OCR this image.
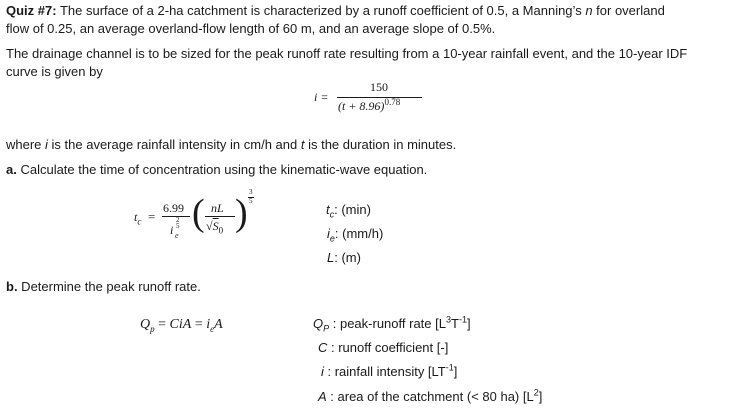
Quiz #7: The surface of a 2-ha catchment is characterized by a runoff coefficient of 0.5, a Manning’s n for overland
flow of 0.25, an average overland-flow length of 60 m, and an average slope of 0.5%.
The drainage channel is to be sized for the peak runoff rate resulting from a 10-year rainfall event, and the 10-year IDF
curve is given by
i =
150
$(t + 8.96)^{0.78}$
where i is the average rainfall intensity in cm/h and t is the duration in minutes.
a. Calculate the time of concentration using the kinematic-wave equation.
$t_c$ =
6.99
i
2
5
e
( nL
$√S_0$ ) 3
5
$t_c$: (min)
$i_e$: (mm/h)
L: (m)
b. Determine the peak runoff rate.
$Q_p$ = CiA = $i_eA$	$Q_P$ : peak-runoff rate $[L^3T^{-1}]$
C : runoff coefficient [-]
i : rainfall intensity $[LT^{-1}]$
A : area of the catchment (< 80 ha) $[L^2]$
